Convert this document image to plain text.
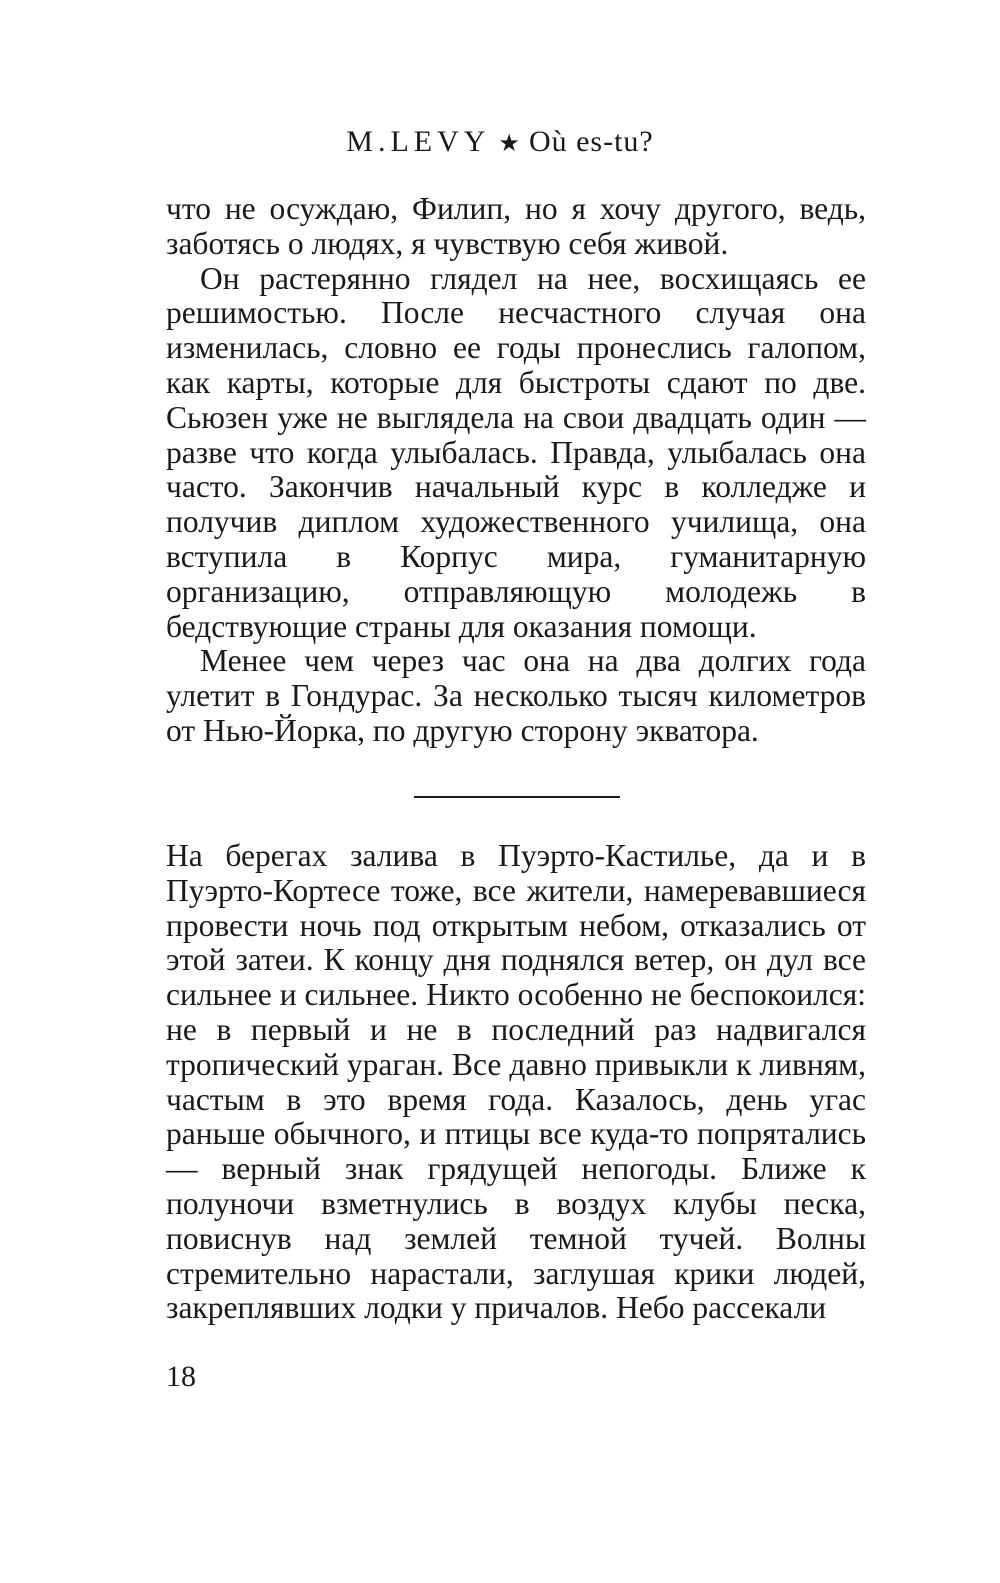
M.LEVY ★ Où es-tu?

что не осуждаю, Филип, но я хочу другого, ведь, заботясь о людях, я чувствую себя живой.

Он растерянно глядел на нее, восхищаясь ее решимостью. После несчастного случая она изменилась, словно ее годы пронеслись галопом, как карты, которые для быстроты сдают по две. Сьюзен уже не выглядела на свои двадцать один — разве что когда улыбалась. Правда, улыбалась она часто. Закончив начальный курс в колледже и получив диплом художественного училища, она вступила в Корпус мира, гуманитарную организацию, отправляющую молодежь в бедствующие страны для оказания помощи.

Менее чем через час она на два долгих года улетит в Гондурас. За несколько тысяч километров от Нью-Йорка, по другую сторону экватора.

На берегах залива в Пуэрто-Кастилье, да и в Пуэрто-Кортесе тоже, все жители, намеревавшиеся провести ночь под открытым небом, отказались от этой затеи. К концу дня поднялся ветер, он дул все сильнее и сильнее. Никто особенно не беспокоился: не в первый и не в последний раз надвигался тропический ураган. Все давно привыкли к ливням, частым в это время года. Казалось, день угас раньше обычного, и птицы все куда-то попрятались — верный знак грядущей непогоды. Ближе к полуночи взметнулись в воздух клубы песка, повиснув над землей темной тучей. Волны стремительно нарастали, заглушая крики людей, закреплявших лодки у причалов. Небо рассекали

18
